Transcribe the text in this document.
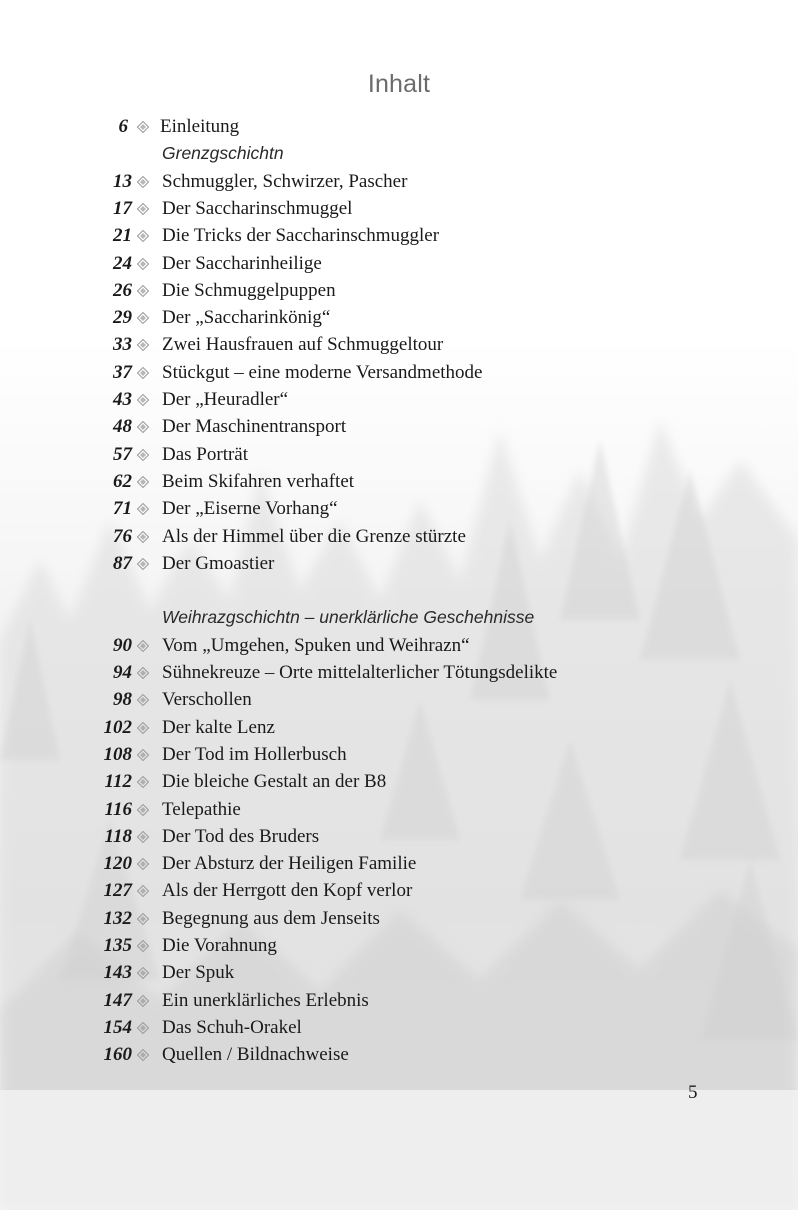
Inhalt
6 Einleitung
Grenzgschichtn
13 Schmuggler, Schwirzer, Pascher
17 Der Saccharinschmuggel
21 Die Tricks der Saccharinschmuggler
24 Der Saccharinheilige
26 Die Schmuggelpuppen
29 Der „Saccharinkönig“
33 Zwei Hausfrauen auf Schmuggeltour
37 Stückgut – eine moderne Versandmethode
43 Der „Heuradler“
48 Der Maschinentransport
57 Das Porträt
62 Beim Skifahren verhaftet
71 Der „Eiserne Vorhang“
76 Als der Himmel über die Grenze stürzte
87 Der Gmoastier
Weihrazgschichtn – unerklärliche Geschehnisse
90 Vom „Umgehen, Spuken und Weihrazn“
94 Sühnekreuze – Orte mittelalterlicher Tötungsdelikte
98 Verschollen
102 Der kalte Lenz
108 Der Tod im Hollerbusch
112 Die bleiche Gestalt an der B8
116 Telepathie
118 Der Tod des Bruders
120 Der Absturz der Heiligen Familie
127 Als der Herrgott den Kopf verlor
132 Begegnung aus dem Jenseits
135 Die Vorahnung
143 Der Spuk
147 Ein unerklärliches Erlebnis
154 Das Schuh-Orakel
160 Quellen / Bildnachweise
5
